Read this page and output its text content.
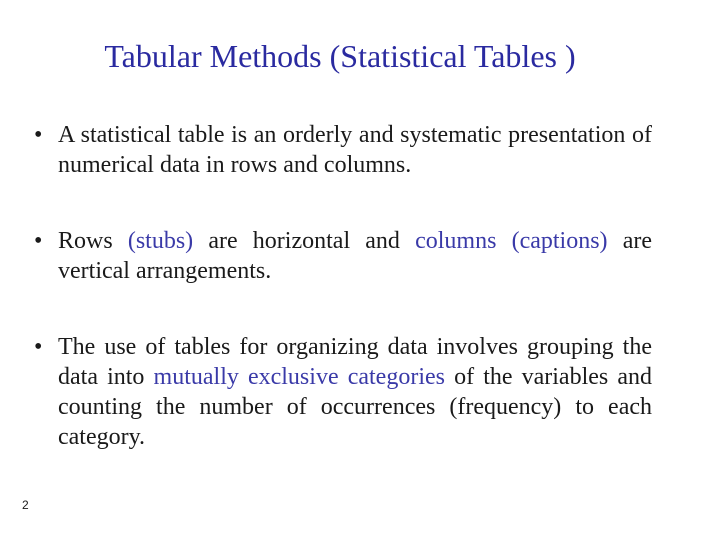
Tabular Methods (Statistical Tables )
• A statistical table is an orderly and systematic presentation of numerical data in rows and columns.
• Rows (stubs) are horizontal and columns (captions) are vertical arrangements.
• The use of tables for organizing data involves grouping the data into mutually exclusive categories of the variables and counting the number of occurrences (frequency) to each category.
2
